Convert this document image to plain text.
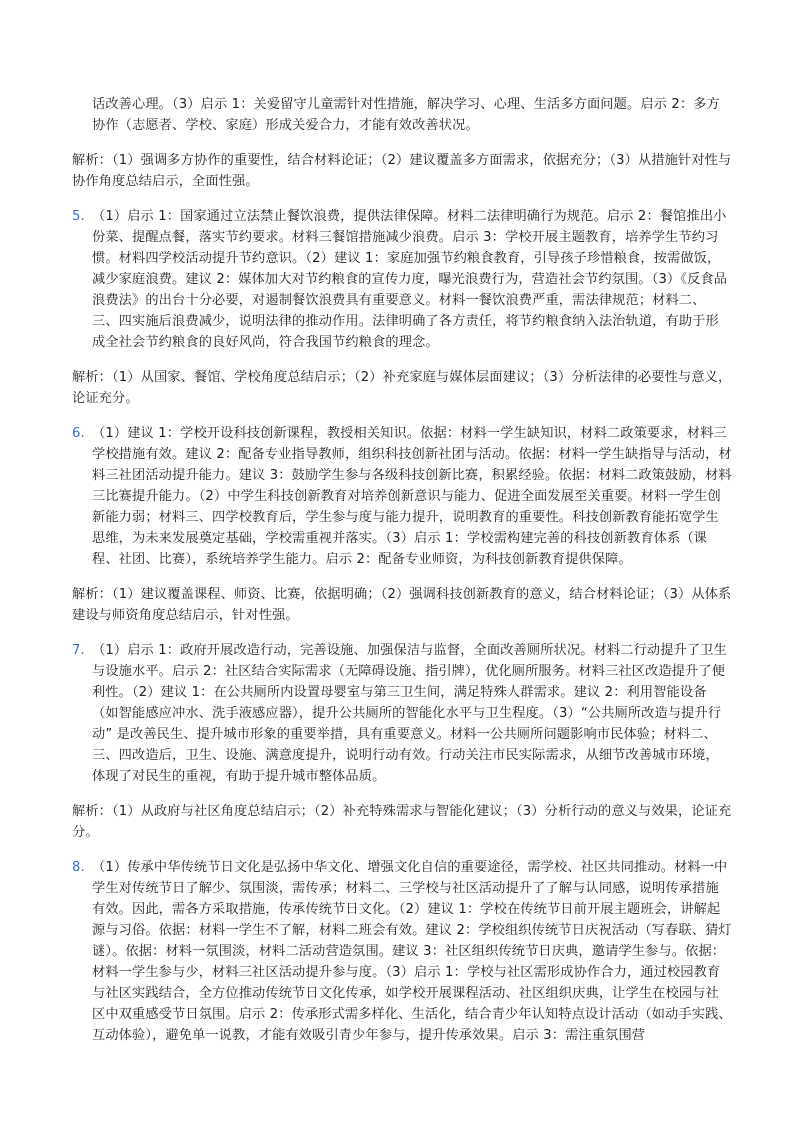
话改善心理。（3）启示 1：关爱留守儿童需针对性措施，解决学习、心理、生活多方面问题。启示 2：多方协作（志愿者、学校、家庭）形成关爱合力，才能有效改善状况。
解析：（1）强调多方协作的重要性，结合材料论证；（2）建议覆盖多方面需求，依据充分；（3）从措施针对性与协作角度总结启示，全面性强。
5. （1）启示 1：国家通过立法禁止餐饮浪费，提供法律保障。材料二法律明确行为规范。启示 2：餐馆推出小份菜、提醒点餐，落实节约要求。材料三餐馆措施减少浪费。启示 3：学校开展主题教育，培养学生节约习惯。材料四学校活动提升节约意识。（2）建议 1：家庭加强节约粮食教育，引导孩子珍惜粮食，按需做饭，减少家庭浪费。建议 2：媒体加大对节约粮食的宣传力度，曝光浪费行为，营造社会节约氛围。（3）《反食品浪费法》的出台十分必要，对遏制餐饮浪费具有重要意义。材料一餐饮浪费严重，需法律规范；材料二、三、四实施后浪费减少，说明法律的推动作用。法律明确了各方责任，将节约粮食纳入法治轨道，有助于形成全社会节约粮食的良好风尚，符合我国节约粮食的理念。
解析：（1）从国家、餐馆、学校角度总结启示；（2）补充家庭与媒体层面建议；（3）分析法律的必要性与意义，论证充分。
6. （1）建议 1：学校开设科技创新课程，教授相关知识。依据：材料一学生缺知识，材料二政策要求，材料三学校措施有效。建议 2：配备专业指导教师，组织科技创新社团与活动。依据：材料一学生缺指导与活动，材料三社团活动提升能力。建议 3：鼓励学生参与各级科技创新比赛，积累经验。依据：材料二政策鼓励，材料三比赛提升能力。（2）中学生科技创新教育对培养创新意识与能力、促进全面发展至关重要。材料一学生创新能力弱；材料三、四学校教育后，学生参与度与能力提升，说明教育的重要性。科技创新教育能拓宽学生思维，为未来发展奠定基础，学校需重视并落实。（3）启示 1：学校需构建完善的科技创新教育体系（课程、社团、比赛），系统培养学生能力。启示 2：配备专业师资，为科技创新教育提供保障。
解析：（1）建议覆盖课程、师资、比赛，依据明确；（2）强调科技创新教育的意义，结合材料论证；（3）从体系建设与师资角度总结启示，针对性强。
7. （1）启示 1：政府开展改造行动，完善设施、加强保洁与监督，全面改善厕所状况。材料二行动提升了卫生与设施水平。启示 2：社区结合实际需求（无障碍设施、指引牌），优化厕所服务。材料三社区改造提升了便利性。（2）建议 1：在公共厕所内设置母婴室与第三卫生间，满足特殊人群需求。建议 2：利用智能设备（如智能感应冲水、洗手液感应器），提升公共厕所的智能化水平与卫生程度。（3）“公共厕所改造与提升行动” 是改善民生、提升城市形象的重要举措，具有重要意义。材料一公共厕所问题影响市民体验；材料二、三、四改造后，卫生、设施、满意度提升，说明行动有效。行动关注市民实际需求，从细节改善城市环境，体现了对民生的重视，有助于提升城市整体品质。
解析：（1）从政府与社区角度总结启示；（2）补充特殊需求与智能化建议；（3）分析行动的意义与效果，论证充分。
8. （1）传承中华传统节日文化是弘扬中华文化、增强文化自信的重要途径，需学校、社区共同推动。材料一中学生对传统节日了解少、氛围淡，需传承；材料二、三学校与社区活动提升了了解与认同感，说明传承措施有效。因此，需各方采取措施，传承传统节日文化。（2）建议 1：学校在传统节日前开展主题班会，讲解起源与习俗。依据：材料一学生不了解，材料二班会有效。建议 2：学校组织传统节日庆祝活动（写春联、猜灯谜）。依据：材料一氛围淡，材料二活动营造氛围。建议 3：社区组织传统节日庆典，邀请学生参与。依据：材料一学生参与少，材料三社区活动提升参与度。（3）启示 1：学校与社区需形成协作合力，通过校园教育与社区实践结合，全方位推动传统节日文化传承，如学校开展课程活动、社区组织庆典，让学生在校园与社区中双重感受节日氛围。启示 2：传承形式需多样化、生活化，结合青少年认知特点设计活动（如动手实践、互动体验），避免单一说教，才能有效吸引青少年参与，提升传承效果。启示 3：需注重氛围营
